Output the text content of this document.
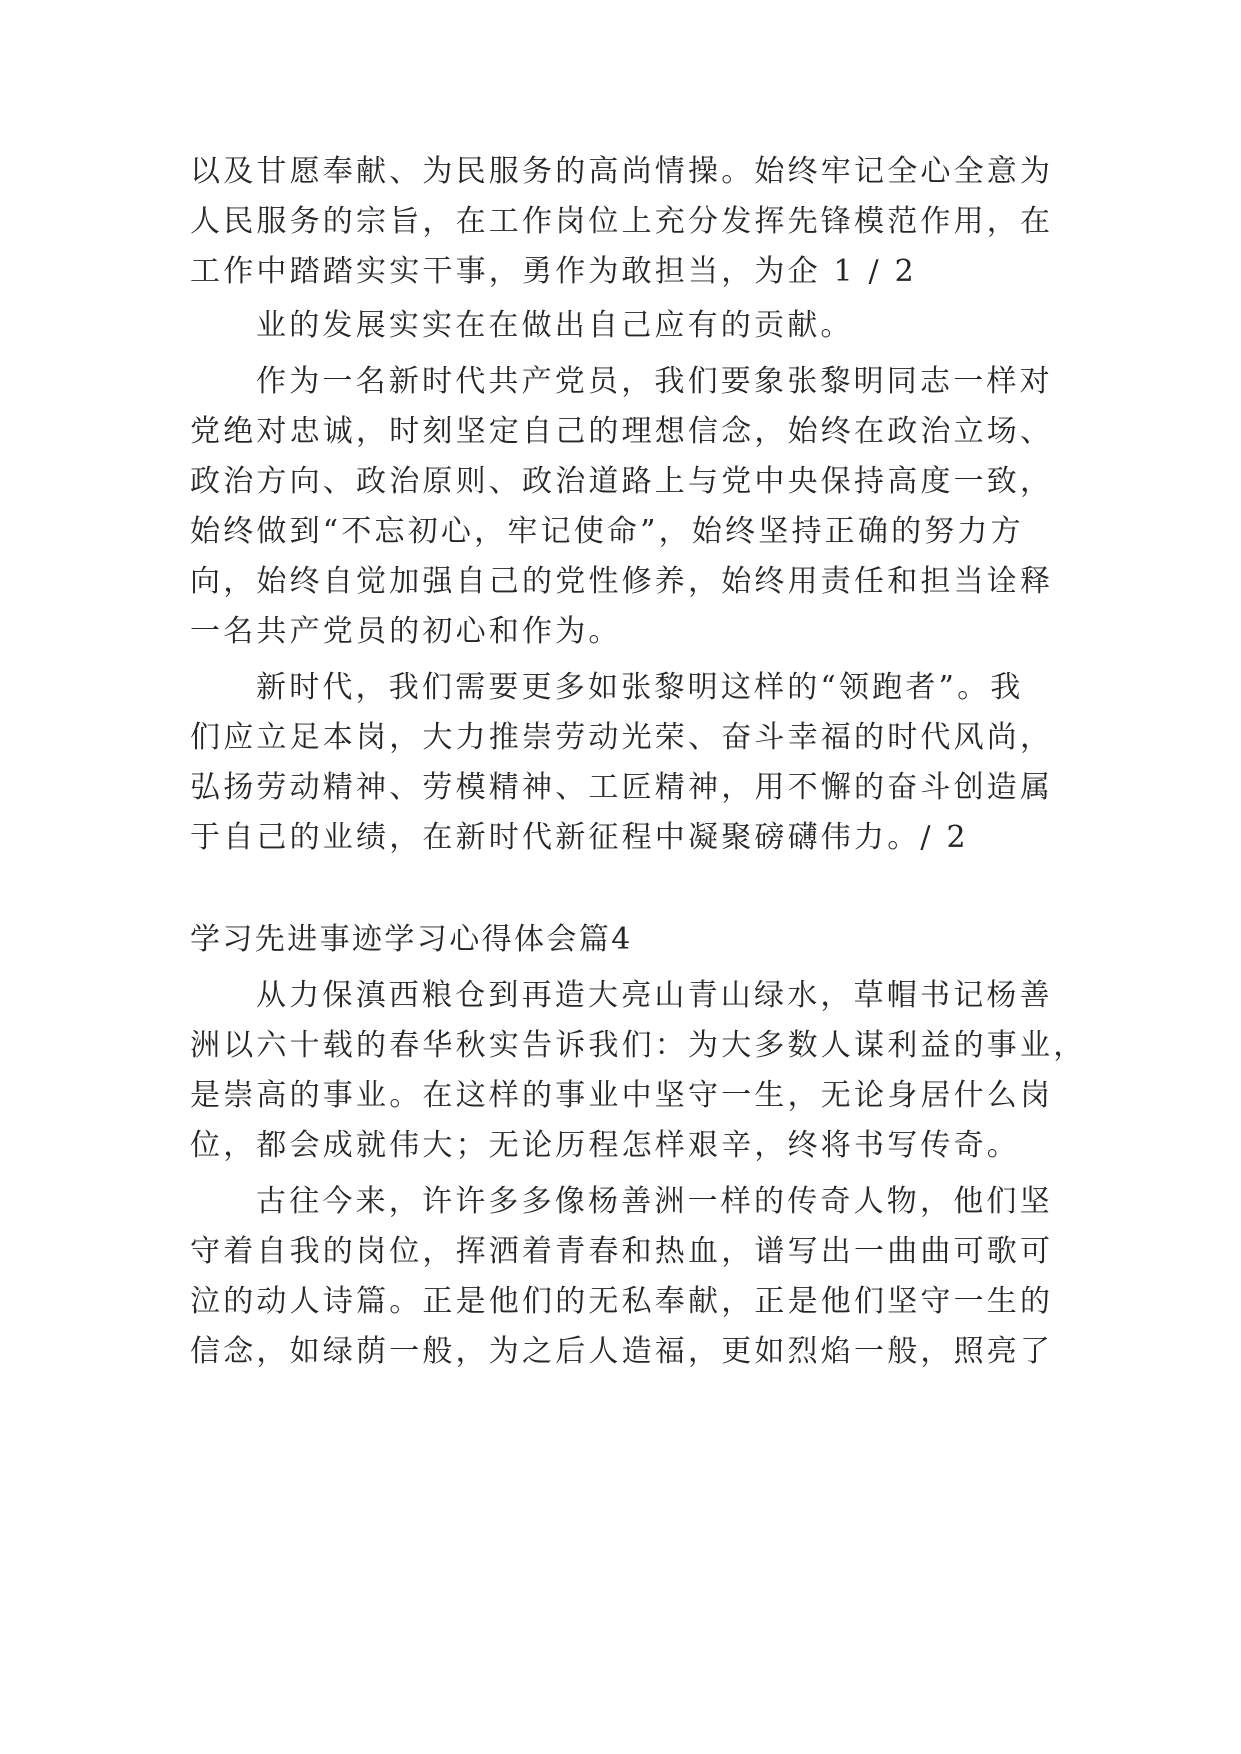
以及甘愿奉献、为民服务的高尚情操。始终牢记全心全意为
人民服务的宗旨，在工作岗位上充分发挥先锋模范作用，在
工作中踏踏实实干事，勇作为敢担当，为企 1 / 2
业的发展实实在在做出自己应有的贡献。
作为一名新时代共产党员，我们要象张黎明同志一样对
党绝对忠诚，时刻坚定自己的理想信念，始终在政治立场、
政治方向、政治原则、政治道路上与党中央保持高度一致，
始终做到“不忘初心，牢记使命”，始终坚持正确的努力方
向，始终自觉加强自己的党性修养，始终用责任和担当诠释
一名共产党员的初心和作为。
新时代，我们需要更多如张黎明这样的“领跑者”。我
们应立足本岗，大力推崇劳动光荣、奋斗幸福的时代风尚，
弘扬劳动精神、劳模精神、工匠精神，用不懈的奋斗创造属
于自己的业绩，在新时代新征程中凝聚磅礴伟力。/ 2
学习先进事迹学习心得体会篇4
从力保滇西粮仓到再造大亮山青山绿水，草帽书记杨善
洲以六十载的春华秋实告诉我们：为大多数人谋利益的事业，
是崇高的事业。在这样的事业中坚守一生，无论身居什么岗
位，都会成就伟大；无论历程怎样艰辛，终将书写传奇。
古往今来，许许多多像杨善洲一样的传奇人物，他们坚
守着自我的岗位，挥洒着青春和热血，谱写出一曲曲可歌可
泣的动人诗篇。正是他们的无私奉献，正是他们坚守一生的
信念，如绿荫一般，为之后人造福，更如烈焰一般，照亮了
